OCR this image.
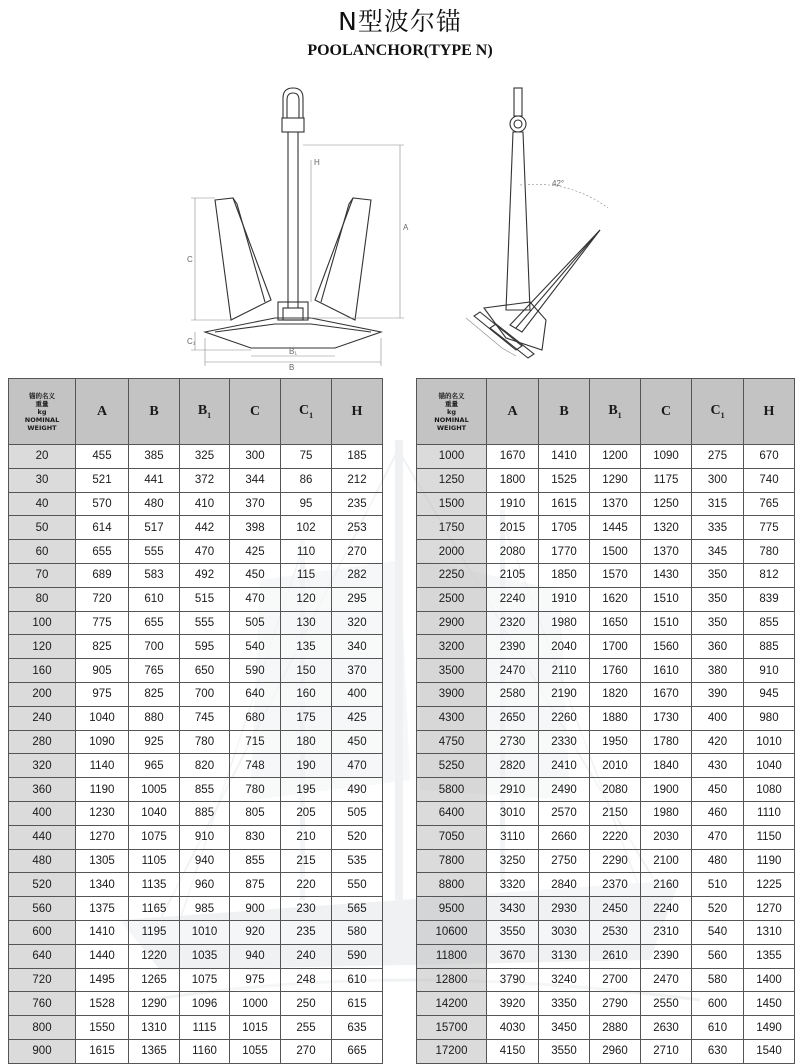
N型波尔锚
POOLANCHOR(TYPE N)
C
C₁
A
B
B₁
H
42°
锚的名义
重量
kg
NOMINAL
WEIGHT	A	B	$B_1$	C	$C_1$	H
20	455	385	325	300	75	185
30	521	441	372	344	86	212
40	570	480	410	370	95	235
50	614	517	442	398	102	253
60	655	555	470	425	110	270
70	689	583	492	450	115	282
80	720	610	515	470	120	295
100	775	655	555	505	130	320
120	825	700	595	540	135	340
160	905	765	650	590	150	370
200	975	825	700	640	160	400
240	1040	880	745	680	175	425
280	1090	925	780	715	180	450
320	1140	965	820	748	190	470
360	1190	1005	855	780	195	490
400	1230	1040	885	805	205	505
440	1270	1075	910	830	210	520
480	1305	1105	940	855	215	535
520	1340	1135	960	875	220	550
560	1375	1165	985	900	230	565
600	1410	1195	1010	920	235	580
640	1440	1220	1035	940	240	590
720	1495	1265	1075	975	248	610
760	1528	1290	1096	1000	250	615
800	1550	1310	1115	1015	255	635
900	1615	1365	1160	1055	270	665
锚的名义
重量
kg
NOMINAL
WEIGHT	A	B	$B_1$	C	$C_1$	H
1000	1670	1410	1200	1090	275	670
1250	1800	1525	1290	1175	300	740
1500	1910	1615	1370	1250	315	765
1750	2015	1705	1445	1320	335	775
2000	2080	1770	1500	1370	345	780
2250	2105	1850	1570	1430	350	812
2500	2240	1910	1620	1510	350	839
2900	2320	1980	1650	1510	350	855
3200	2390	2040	1700	1560	360	885
3500	2470	2110	1760	1610	380	910
3900	2580	2190	1820	1670	390	945
4300	2650	2260	1880	1730	400	980
4750	2730	2330	1950	1780	420	1010
5250	2820	2410	2010	1840	430	1040
5800	2910	2490	2080	1900	450	1080
6400	3010	2570	2150	1980	460	1110
7050	3110	2660	2220	2030	470	1150
7800	3250	2750	2290	2100	480	1190
8800	3320	2840	2370	2160	510	1225
9500	3430	2930	2450	2240	520	1270
10600	3550	3030	2530	2310	540	1310
11800	3670	3130	2610	2390	560	1355
12800	3790	3240	2700	2470	580	1400
14200	3920	3350	2790	2550	600	1450
15700	4030	3450	2880	2630	610	1490
17200	4150	3550	2960	2710	630	1540
